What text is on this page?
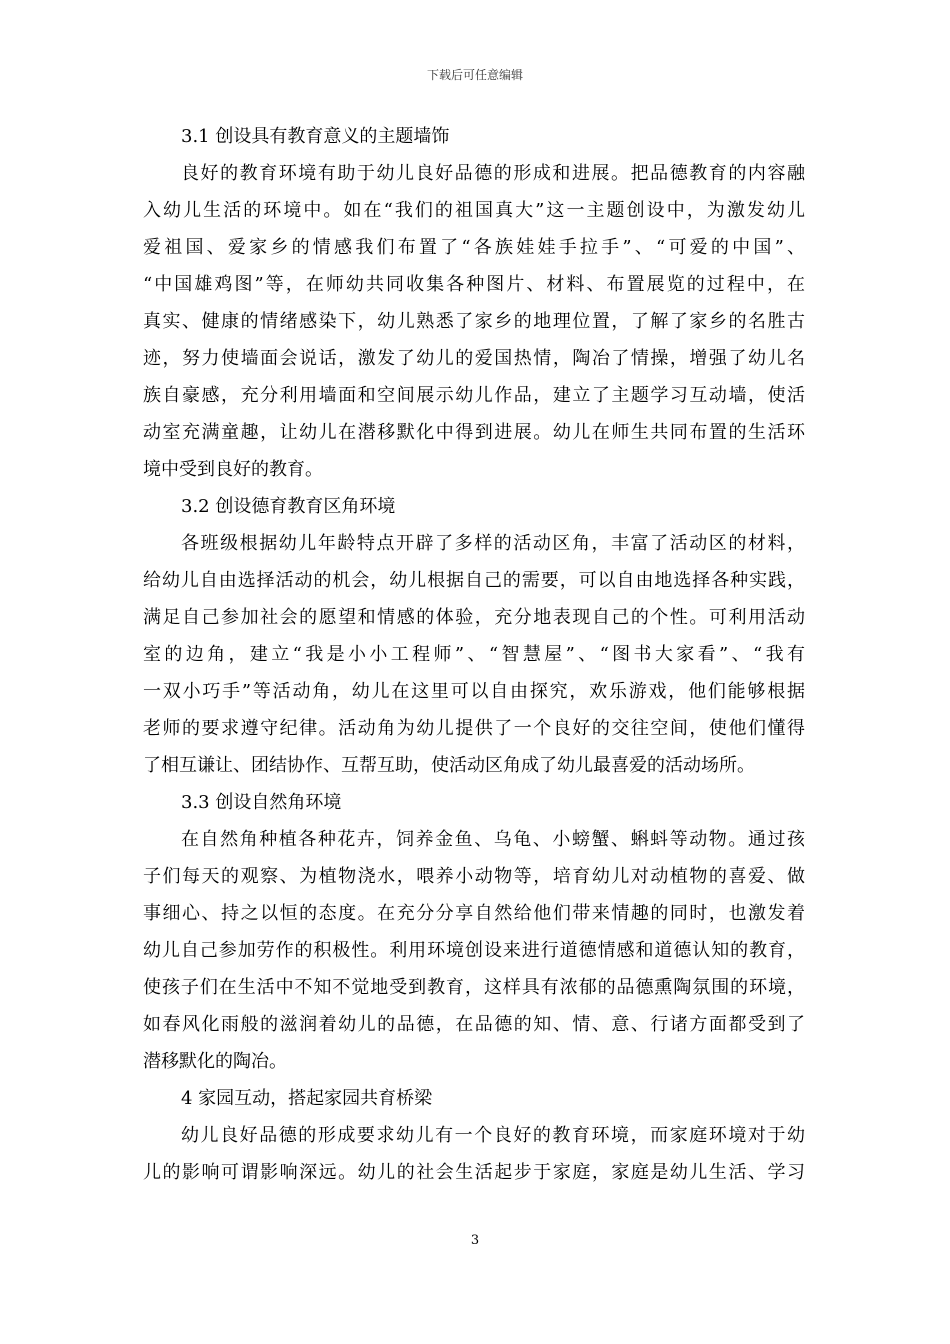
下载后可任意编辑
3.1 创设具有教育意义的主题墙饰
良好的教育环境有助于幼儿良好品德的形成和进展。把品德教育的内容融
入幼儿生活的环境中。如在“我们的祖国真大”这一主题创设中，为激发幼儿
爱祖国、爱家乡的情感我们布置了“各族娃娃手拉手”、“可爱的中国”、
“中国雄鸡图”等，在师幼共同收集各种图片、材料、布置展览的过程中，在
真实、健康的情绪感染下，幼儿熟悉了家乡的地理位置，了解了家乡的名胜古
迹，努力使墙面会说话，激发了幼儿的爱国热情，陶冶了情操，增强了幼儿名
族自豪感，充分利用墙面和空间展示幼儿作品，建立了主题学习互动墙，使活
动室充满童趣，让幼儿在潜移默化中得到进展。幼儿在师生共同布置的生活环
境中受到良好的教育。
3.2 创设德育教育区角环境
各班级根据幼儿年龄特点开辟了多样的活动区角，丰富了活动区的材料，
给幼儿自由选择活动的机会，幼儿根据自己的需要，可以自由地选择各种实践，
满足自己参加社会的愿望和情感的体验，充分地表现自己的个性。可利用活动
室的边角，建立“我是小小工程师”、“智慧屋”、“图书大家看”、“我有
一双小巧手”等活动角，幼儿在这里可以自由探究，欢乐游戏，他们能够根据
老师的要求遵守纪律。活动角为幼儿提供了一个良好的交往空间，使他们懂得
了相互谦让、团结协作、互帮互助，使活动区角成了幼儿最喜爱的活动场所。
3.3 创设自然角环境
在自然角种植各种花卉，饲养金鱼、乌龟、小螃蟹、蝌蚪等动物。通过孩
子们每天的观察、为植物浇水，喂养小动物等，培育幼儿对动植物的喜爱、做
事细心、持之以恒的态度。在充分分享自然给他们带来情趣的同时，也激发着
幼儿自己参加劳作的积极性。利用环境创设来进行道德情感和道德认知的教育，
使孩子们在生活中不知不觉地受到教育，这样具有浓郁的品德熏陶氛围的环境，
如春风化雨般的滋润着幼儿的品德，在品德的知、情、意、行诸方面都受到了
潜移默化的陶冶。
4 家园互动，搭起家园共育桥梁
幼儿良好品德的形成要求幼儿有一个良好的教育环境，而家庭环境对于幼
儿的影响可谓影响深远。幼儿的社会生活起步于家庭，家庭是幼儿生活、学习
3
